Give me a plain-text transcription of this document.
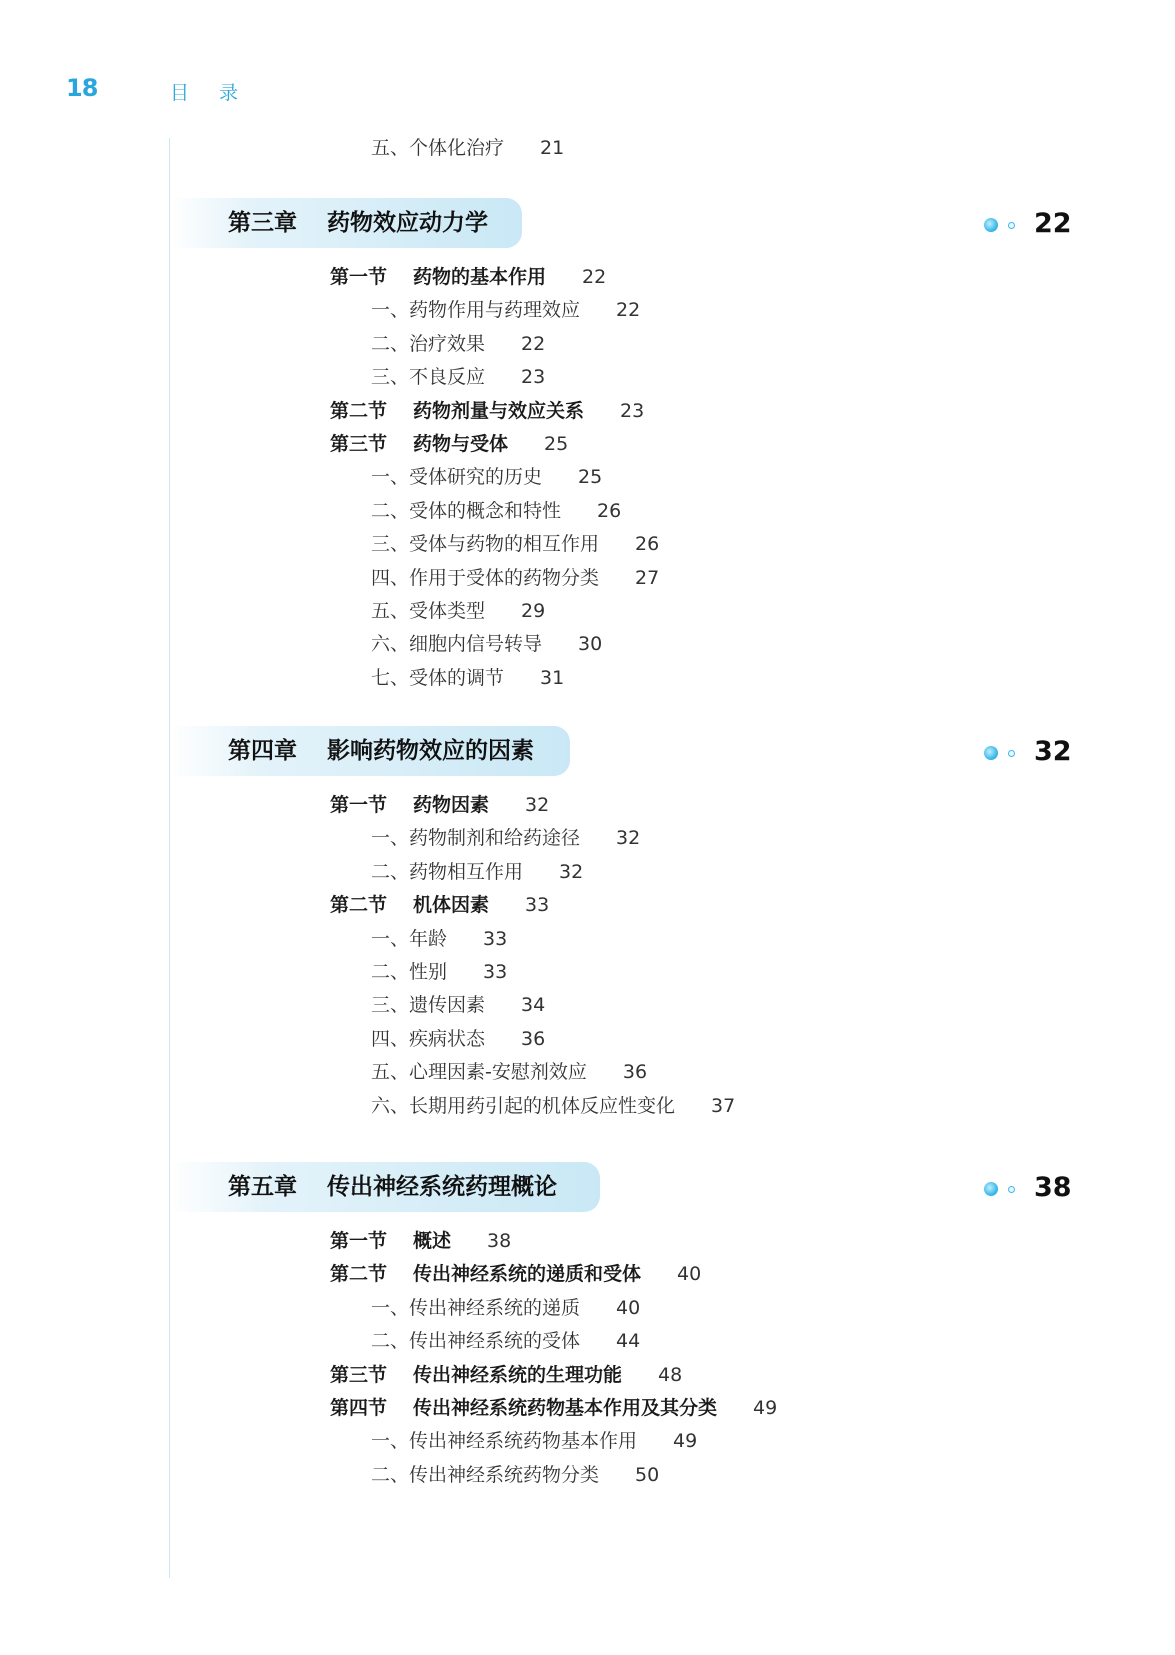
18	目录
五、个体化治疗 21
第三章 药物效应动力学	22
第一节 药物的基本作用 22
一、药物作用与药理效应 22
二、治疗效果 22
三、不良反应 23
第二节 药物剂量与效应关系 23
第三节 药物与受体 25
一、受体研究的历史 25
二、受体的概念和特性 26
三、受体与药物的相互作用 26
四、作用于受体的药物分类 27
五、受体类型 29
六、细胞内信号转导 30
七、受体的调节 31
第四章 影响药物效应的因素	32
第一节 药物因素 32
一、药物制剂和给药途径 32
二、药物相互作用 32
第二节 机体因素 33
一、年龄 33
二、性别 33
三、遗传因素 34
四、疾病状态 36
五、心理因素-安慰剂效应 36
六、长期用药引起的机体反应性变化 37
第五章 传出神经系统药理概论	38
第一节 概述 38
第二节 传出神经系统的递质和受体 40
一、传出神经系统的递质 40
二、传出神经系统的受体 44
第三节 传出神经系统的生理功能 48
第四节 传出神经系统药物基本作用及其分类 49
一、传出神经系统药物基本作用 49
二、传出神经系统药物分类 50
